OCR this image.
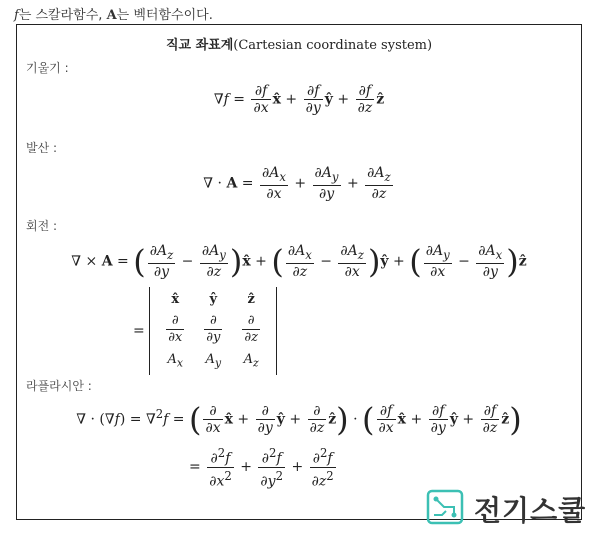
f는 스칼라함수, A는 벡터함수이다.
직교 좌표계(Cartesian coordinate system)
기울기 :
$\nabla f = \frac{\partial f}{\partial x}$ x̂ + $\frac{\partial f}{\partial y}$ ŷ + $\frac{\partial f}{\partial z}$ ẑ
발산 :
∇ · $A = \frac{\partial A_x}{\partial x} + \frac{\partial A_y}{\partial y} + \frac{\partial A_z}{\partial z}$
회전 :
∇ × A = ( $\frac{\partial A_z}{\partial y} - \frac{\partial A_y}{\partial z}$ )x̂ + ( $\frac{\partial A_x}{\partial z} - \frac{\partial A_z}{\partial x}$ )ŷ + ( $\frac{\partial A_y}{\partial x} - \frac{\partial A_x}{\partial y}$ )ẑ
=
x̂	ŷ	ẑ

$\frac{\partial}{\partial x}$	$\frac{\partial}{\partial y}$	$\frac{\partial}{\partial z}$

$A_x$	$A_y$	$A_z$
라플라시안 :
∇ · (∇f) = ∇$^2$f = ( $\frac{\partial}{\partial x}$ x̂ + $\frac{\partial}{\partial y}$ ŷ + $\frac{\partial}{\partial z}$ ẑ) · ( $\frac{\partial f}{\partial x}$ x̂ + $\frac{\partial f}{\partial y}$ ŷ + $\frac{\partial f}{\partial z}$ ẑ)
= $\frac{\partial^2f}{\partial x^2} + \frac{\partial^2f}{\partial y^2} + \frac{\partial^2f}{\partial z^2}$
전기스쿨
